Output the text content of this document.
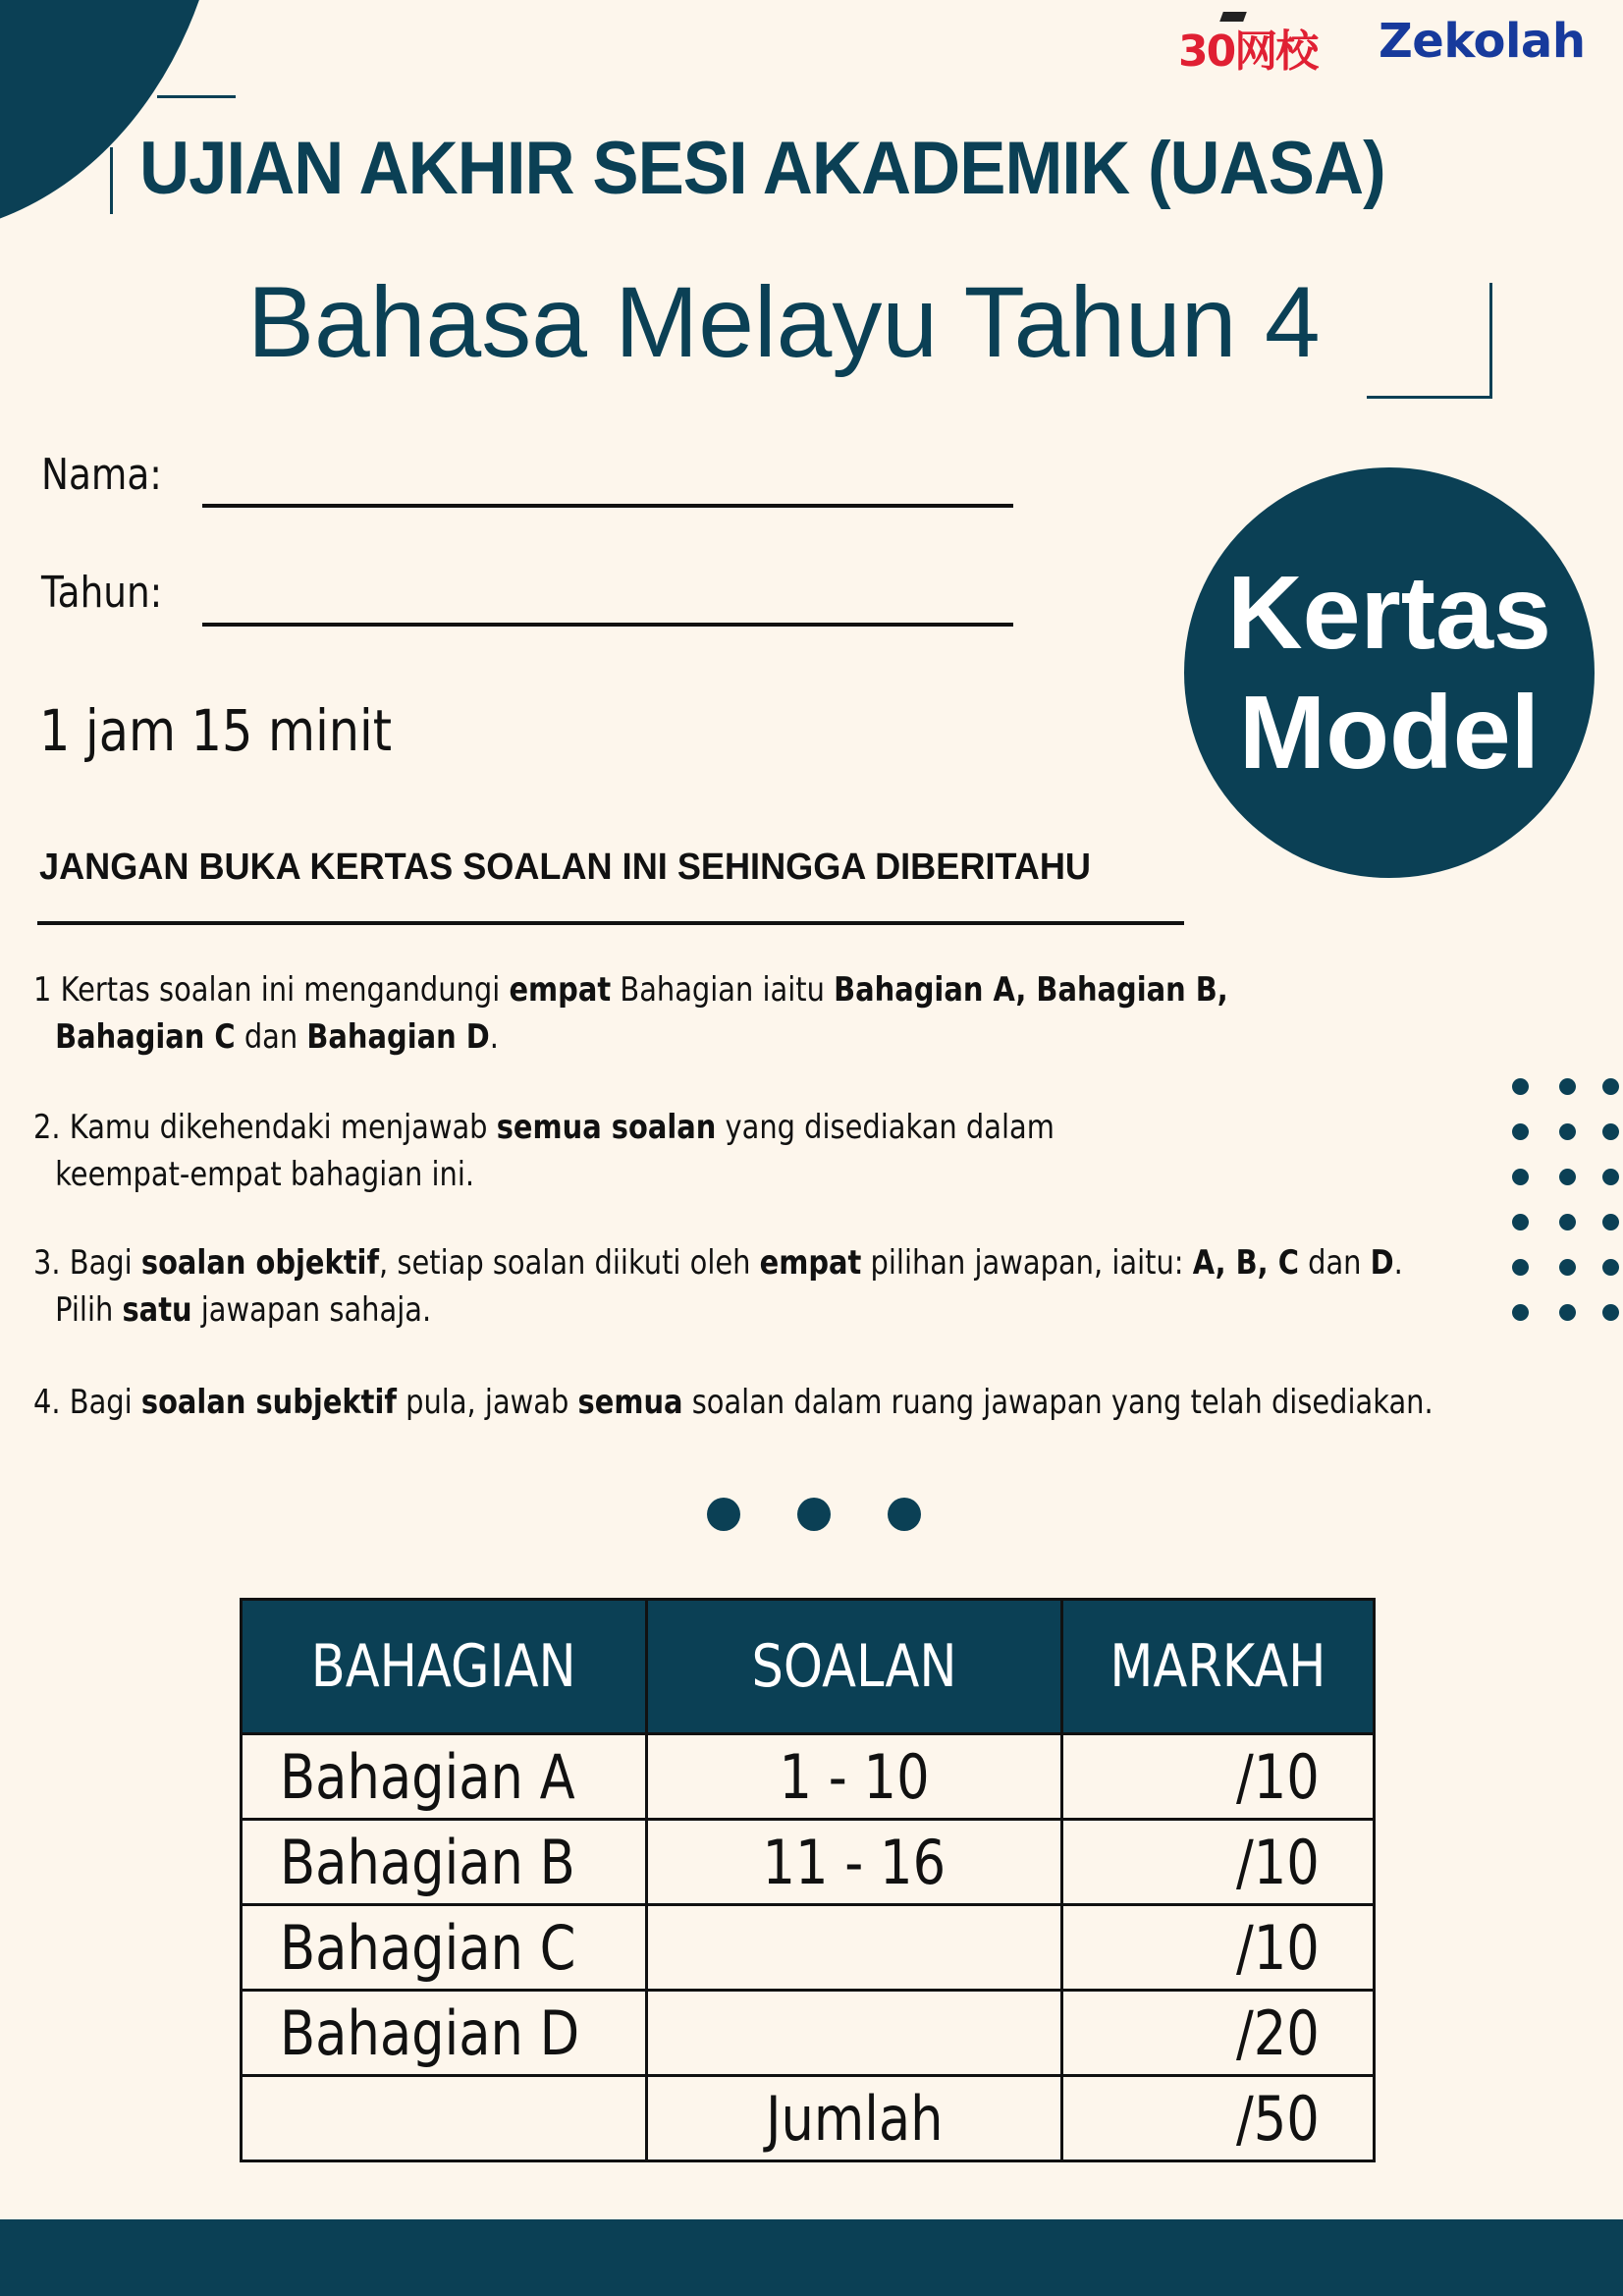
30网校 Zekolah
UJIAN AKHIR SESI AKADEMIK (UASA)
Bahasa Melayu Tahun 4
Nama:
Tahun:
1 jam 15 minit
Kertas
Model
JANGAN BUKA KERTAS SOALAN INI SEHINGGA DIBERITAHU
1 Kertas soalan ini mengandungi empat Bahagian iaitu Bahagian A, Bahagian B,
Bahagian C dan Bahagian D.
2. Kamu dikehendaki menjawab semua soalan yang disediakan dalam
keempat-empat bahagian ini.
3. Bagi soalan objektif, setiap soalan diikuti oleh empat pilihan jawapan, iaitu: A, B, C dan D.
Pilih satu jawapan sahaja.
4. Bagi soalan subjektif pula, jawab semua soalan dalam ruang jawapan yang telah disediakan.
BAHAGIAN	SOALAN	MARKAH
Bahagian A	1 - 10	/10
Bahagian B	11 - 16	/10
Bahagian C		/10
Bahagian D		/20
	Jumlah	/50
